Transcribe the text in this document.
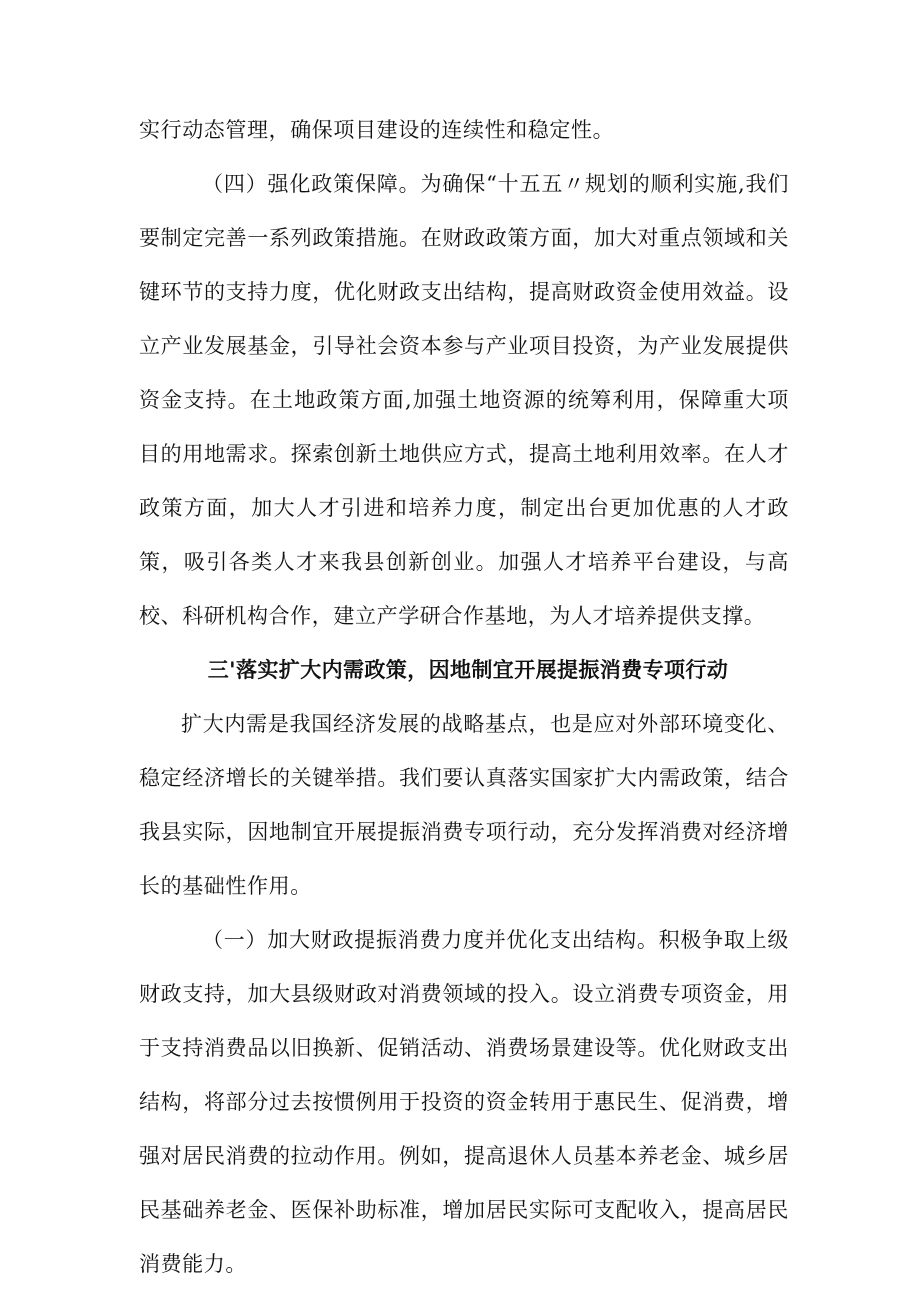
实行动态管理，确保项目建设的连续性和稳定性。

（四）强化政策保障。为确保“十五五〃规划的顺利实施,我们要制定完善一系列政策措施。在财政政策方面，加大对重点领域和关键环节的支持力度，优化财政支出结构，提高财政资金使用效益。设立产业发展基金，引导社会资本参与产业项目投资，为产业发展提供资金支持。在土地政策方面,加强土地资源的统筹利用，保障重大项目的用地需求。探索创新土地供应方式，提高土地利用效率。在人才政策方面，加大人才引进和培养力度，制定出台更加优惠的人才政策，吸引各类人才来我县创新创业。加强人才培养平台建设，与高校、科研机构合作，建立产学研合作基地，为人才培养提供支撑。

三'落实扩大内需政策，因地制宜开展提振消费专项行动

扩大内需是我国经济发展的战略基点，也是应对外部环境变化、稳定经济增长的关键举措。我们要认真落实国家扩大内需政策，结合我县实际，因地制宜开展提振消费专项行动，充分发挥消费对经济增长的基础性作用。

（一）加大财政提振消费力度并优化支出结构。积极争取上级财政支持，加大县级财政对消费领域的投入。设立消费专项资金，用于支持消费品以旧换新、促销活动、消费场景建设等。优化财政支出结构，将部分过去按惯例用于投资的资金转用于惠民生、促消费，增强对居民消费的拉动作用。例如，提高退休人员基本养老金、城乡居民基础养老金、医保补助标准，增加居民实际可支配收入，提高居民消费能力。
